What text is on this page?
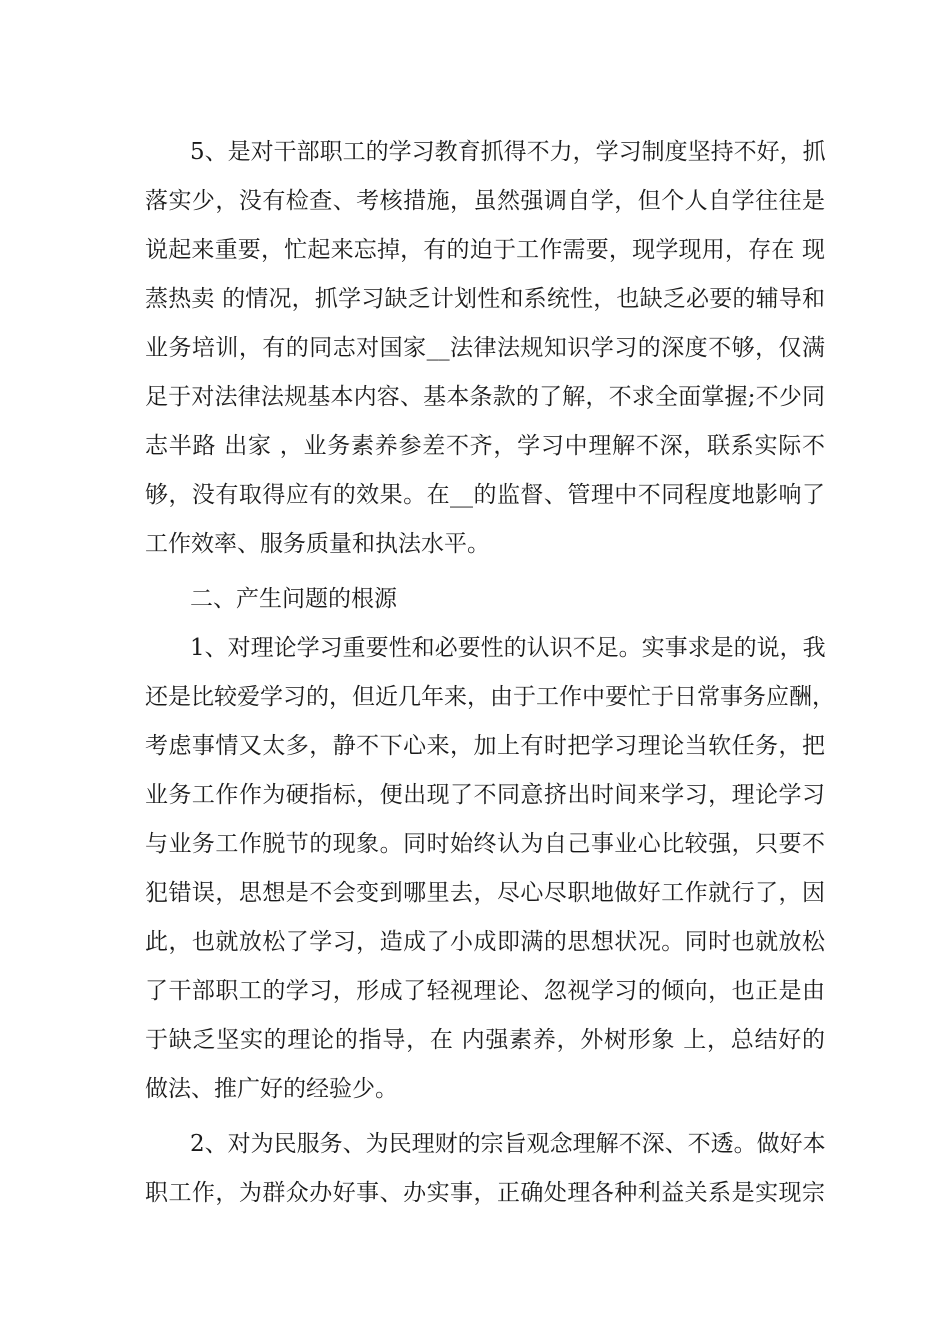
5、是对干部职工的学习教育抓得不力，学习制度坚持不好，抓
落实少，没有检查、考核措施，虽然强调自学，但个人自学往往是
说起来重要，忙起来忘掉，有的迫于工作需要，现学现用，存在 现
蒸热卖 的情况，抓学习缺乏计划性和系统性，也缺乏必要的辅导和
业务培训，有的同志对国家__法律法规知识学习的深度不够，仅满
足于对法律法规基本内容、基本条款的了解，不求全面掌握;不少同
志半路 出家 ，业务素养参差不齐，学习中理解不深，联系实际不
够，没有取得应有的效果。在__的监督、管理中不同程度地影响了
工作效率、服务质量和执法水平。
二、产生问题的根源
1、对理论学习重要性和必要性的认识不足。实事求是的说，我
还是比较爱学习的，但近几年来，由于工作中要忙于日常事务应酬，
考虑事情又太多，静不下心来，加上有时把学习理论当软任务，把
业务工作作为硬指标，便出现了不同意挤出时间来学习，理论学习
与业务工作脱节的现象。同时始终认为自己事业心比较强，只要不
犯错误，思想是不会变到哪里去，尽心尽职地做好工作就行了，因
此，也就放松了学习，造成了小成即满的思想状况。同时也就放松
了干部职工的学习，形成了轻视理论、忽视学习的倾向，也正是由
于缺乏坚实的理论的指导，在 内强素养，外树形象 上，总结好的
做法、推广好的经验少。
2、对为民服务、为民理财的宗旨观念理解不深、不透。做好本
职工作，为群众办好事、办实事，正确处理各种利益关系是实现宗
